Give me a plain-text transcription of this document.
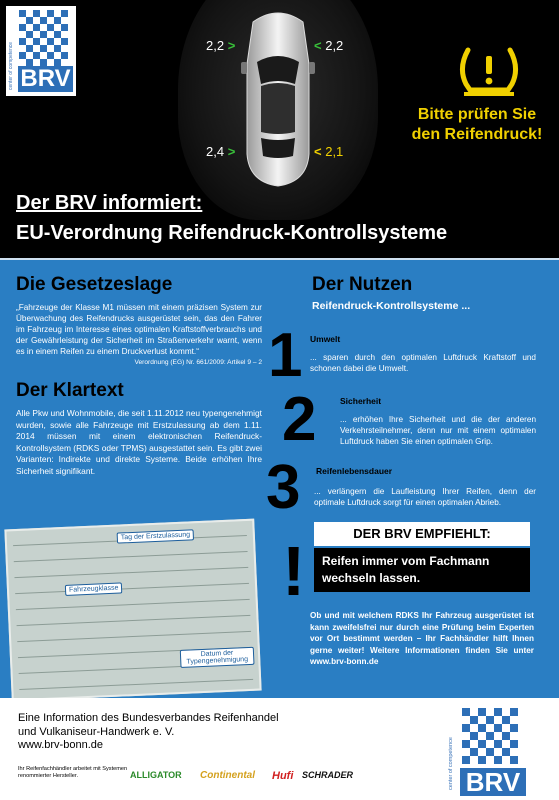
center of competence BRV
2,2 >	< 2,2
2,4 >	< 2,1
Bitte prüfen Sie
den Reifendruck!
Der BRV informiert:
EU-Verordnung Reifendruck-Kontrollsysteme
Die Gesetzeslage
„Fahrzeuge der Klasse M1 müssen mit einem präzisen System zur Überwachung des Reifendrucks ausgerüstet sein, das den Fahrer im Fahrzeug im Interesse eines optimalen Kraftstoffverbrauchs und der Gewährleistung der Sicherheit im Straßenverkehr warnt, wenn es in einem Reifen zu einem Druckverlust kommt.“
Verordnung (EG) Nr. 661/2009: Artikel 9 – 2
Der Klartext
Alle Pkw und Wohnmobile, die seit 1.11.2012 neu typengenehmigt wurden, sowie alle Fahrzeuge mit Erstzulassung ab dem 1.11. 2014 müssen mit einem elektronischen Reifendruck-Kontrollsystem (RDKS oder TPMS) ausgestattet sein. Es gibt zwei Varianten: Indirekte und direkte Systeme. Beide erhöhen Ihre Sicherheit signifikant.
Tag der Erstzulassung
Fahrzeugklasse
Datum der Typengenehmigung
Der Nutzen
Reifendruck-Kontrollsysteme ...
1 Umwelt
... sparen durch den optimalen Luftdruck Kraftstoff und schonen dabei die Umwelt.
2	Sicherheit
... erhöhen Ihre Sicherheit und die der anderen Verkehrsteilnehmer, denn nur mit einem optimalen Luftdruck haben Sie einen optimalen Grip.
3 Reifenlebensdauer
... verlängern die Laufleistung Ihrer Reifen, denn der optimale Luftdruck sorgt für einen optimalen Abrieb.
DER BRV EMPFIEHLT:
!	Reifen immer vom Fachmann wechseln lassen.
Ob und mit welchem RDKS Ihr Fahrzeug ausgerüstet ist kann zweifelsfrei nur durch eine Prüfung beim Experten vor Ort bestimmt werden – Ihr Fachhändler hilft Ihnen gerne weiter! Weitere Informationen finden Sie unter www.brv-bonn.de
Eine Information des Bundesverbandes Reifenhandel
und Vulkaniseur-Handwerk e. V.
www.brv-bonn.de
Ihr Reifenfachhändler arbeitet mit Systemen renommierter Hersteller.	ALLIGATOR Continental Hufi SCHRADER	center of competence BRV
